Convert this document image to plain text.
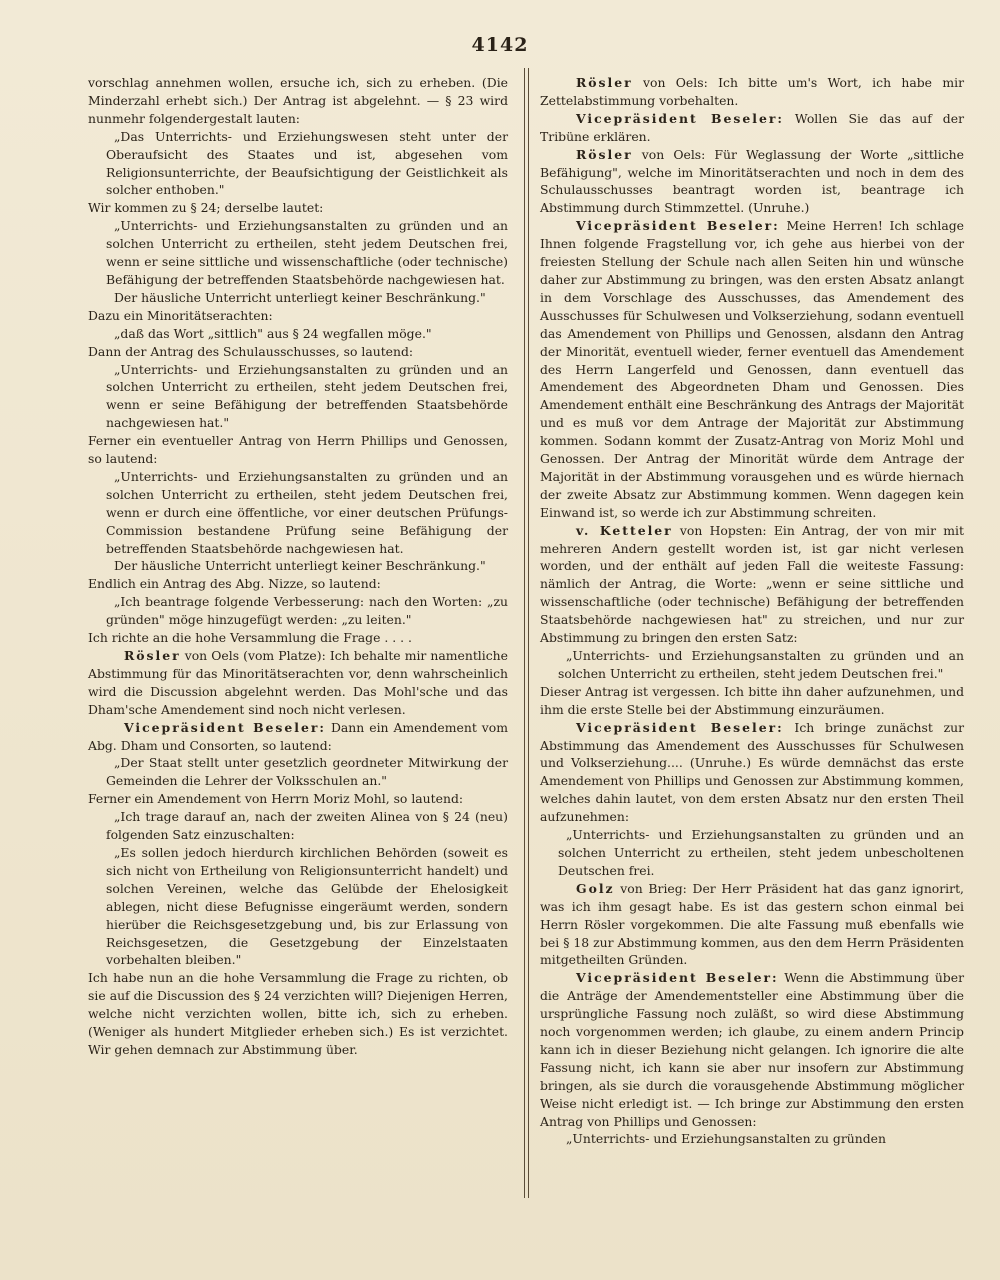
4142

vorschlag annehmen wollen, ersuche ich, sich zu erheben. (Die Minderzahl erhebt sich.) Der Antrag ist abgelehnt. — § 23 wird nunmehr folgendergestalt lauten:

„Das Unterrichts- und Erziehungswesen steht unter der Oberaufsicht des Staates und ist, abgesehen vom Religionsunterrichte, der Beaufsichtigung der Geistlichkeit als solcher enthoben."

Wir kommen zu § 24; derselbe lautet:

„Unterrichts- und Erziehungsanstalten zu gründen und an solchen Unterricht zu ertheilen, steht jedem Deutschen frei, wenn er seine sittliche und wissenschaftliche (oder technische) Befähigung der betreffenden Staatsbehörde nachgewiesen hat.

Der häusliche Unterricht unterliegt keiner Beschränkung."

Dazu ein Minoritätserachten:

„daß das Wort „sittlich" aus § 24 wegfallen möge."

Dann der Antrag des Schulausschusses, so lautend:

„Unterrichts- und Erziehungsanstalten zu gründen und an solchen Unterricht zu ertheilen, steht jedem Deutschen frei, wenn er seine Befähigung der betreffenden Staatsbehörde nachgewiesen hat."

Ferner ein eventueller Antrag von Herrn Phillips und Genossen, so lautend:

„Unterrichts- und Erziehungsanstalten zu gründen und an solchen Unterricht zu ertheilen, steht jedem Deutschen frei, wenn er durch eine öffentliche, vor einer deutschen Prüfungs-Commission bestandene Prüfung seine Befähigung der betreffenden Staatsbehörde nachgewiesen hat.

Der häusliche Unterricht unterliegt keiner Beschränkung."

Endlich ein Antrag des Abg. Nizze, so lautend:

„Ich beantrage folgende Verbesserung: nach den Worten: „zu gründen" möge hinzugefügt werden: „zu leiten."

Ich richte an die hohe Versammlung die Frage . . . .

Rösler von Oels (vom Platze): Ich behalte mir namentliche Abstimmung für das Minoritätserachten vor, denn wahrscheinlich wird die Discussion abgelehnt werden. Das Mohl'sche und das Dham'sche Amendement sind noch nicht verlesen.

Vicepräsident Beseler: Dann ein Amendement vom Abg. Dham und Consorten, so lautend:

„Der Staat stellt unter gesetzlich geordneter Mitwirkung der Gemeinden die Lehrer der Volksschulen an."

Ferner ein Amendement von Herrn Moriz Mohl, so lautend:

„Ich trage darauf an, nach der zweiten Alinea von § 24 (neu) folgenden Satz einzuschalten:

„Es sollen jedoch hierdurch kirchlichen Behörden (soweit es sich nicht von Ertheilung von Religionsunterricht handelt) und solchen Vereinen, welche das Gelübde der Ehelosigkeit ablegen, nicht diese Befugnisse eingeräumt werden, sondern hierüber die Reichsgesetzgebung und, bis zur Erlassung von Reichsgesetzen, die Gesetzgebung der Einzelstaaten vorbehalten bleiben."

Ich habe nun an die hohe Versammlung die Frage zu richten, ob sie auf die Discussion des § 24 verzichten will? Diejenigen Herren, welche nicht verzichten wollen, bitte ich, sich zu erheben. (Weniger als hundert Mitglieder erheben sich.) Es ist verzichtet. Wir gehen demnach zur Abstimmung über.

Rösler von Oels: Ich bitte um's Wort, ich habe mir Zettelabstimmung vorbehalten.

Vicepräsident Beseler: Wollen Sie das auf der Tribüne erklären.

Rösler von Oels: Für Weglassung der Worte „sittliche Befähigung", welche im Minoritätserachten und noch in dem des Schulausschusses beantragt worden ist, beantrage ich Abstimmung durch Stimmzettel. (Unruhe.)

Vicepräsident Beseler: Meine Herren! Ich schlage Ihnen folgende Fragstellung vor, ich gehe aus hierbei von der freiesten Stellung der Schule nach allen Seiten hin und wünsche daher zur Abstimmung zu bringen, was den ersten Absatz anlangt in dem Vorschlage des Ausschusses, das Amendement des Ausschusses für Schulwesen und Volkserziehung, sodann eventuell das Amendement von Phillips und Genossen, alsdann den Antrag der Minorität, eventuell wieder, ferner eventuell das Amendement des Herrn Langerfeld und Genossen, dann eventuell das Amendement des Abgeordneten Dham und Genossen. Dies Amendement enthält eine Beschränkung des Antrags der Majorität und es muß vor dem Antrage der Majorität zur Abstimmung kommen. Sodann kommt der Zusatz-Antrag von Moriz Mohl und Genossen. Der Antrag der Minorität würde dem Antrage der Majorität in der Abstimmung vorausgehen und es würde hiernach der zweite Absatz zur Abstimmung kommen. Wenn dagegen kein Einwand ist, so werde ich zur Abstimmung schreiten.

v. Ketteler von Hopsten: Ein Antrag, der von mir mit mehreren Andern gestellt worden ist, ist gar nicht verlesen worden, und der enthält auf jeden Fall die weiteste Fassung: nämlich der Antrag, die Worte: „wenn er seine sittliche und wissenschaftliche (oder technische) Befähigung der betreffenden Staatsbehörde nachgewiesen hat" zu streichen, und nur zur Abstimmung zu bringen den ersten Satz:

„Unterrichts- und Erziehungsanstalten zu gründen und an solchen Unterricht zu ertheilen, steht jedem Deutschen frei."

Dieser Antrag ist vergessen. Ich bitte ihn daher aufzunehmen, und ihm die erste Stelle bei der Abstimmung einzuräumen.

Vicepräsident Beseler: Ich bringe zunächst zur Abstimmung das Amendement des Ausschusses für Schulwesen und Volkserziehung.... (Unruhe.) Es würde demnächst das erste Amendement von Phillips und Genossen zur Abstimmung kommen, welches dahin lautet, von dem ersten Absatz nur den ersten Theil aufzunehmen:

„Unterrichts- und Erziehungsanstalten zu gründen und an solchen Unterricht zu ertheilen, steht jedem unbescholtenen Deutschen frei.

Golz von Brieg: Der Herr Präsident hat das ganz ignorirt, was ich ihm gesagt habe. Es ist das gestern schon einmal bei Herrn Rösler vorgekommen. Die alte Fassung muß ebenfalls wie bei § 18 zur Abstimmung kommen, aus den dem Herrn Präsidenten mitgetheilten Gründen.

Vicepräsident Beseler: Wenn die Abstimmung über die Anträge der Amendementsteller eine Abstimmung über die ursprüngliche Fassung noch zuläßt, so wird diese Abstimmung noch vorgenommen werden; ich glaube, zu einem andern Princip kann ich in dieser Beziehung nicht gelangen. Ich ignorire die alte Fassung nicht, ich kann sie aber nur insofern zur Abstimmung bringen, als sie durch die vorausgehende Abstimmung möglicher Weise nicht erledigt ist. — Ich bringe zur Abstimmung den ersten Antrag von Phillips und Genossen:

„Unterrichts- und Erziehungsanstalten zu gründen
